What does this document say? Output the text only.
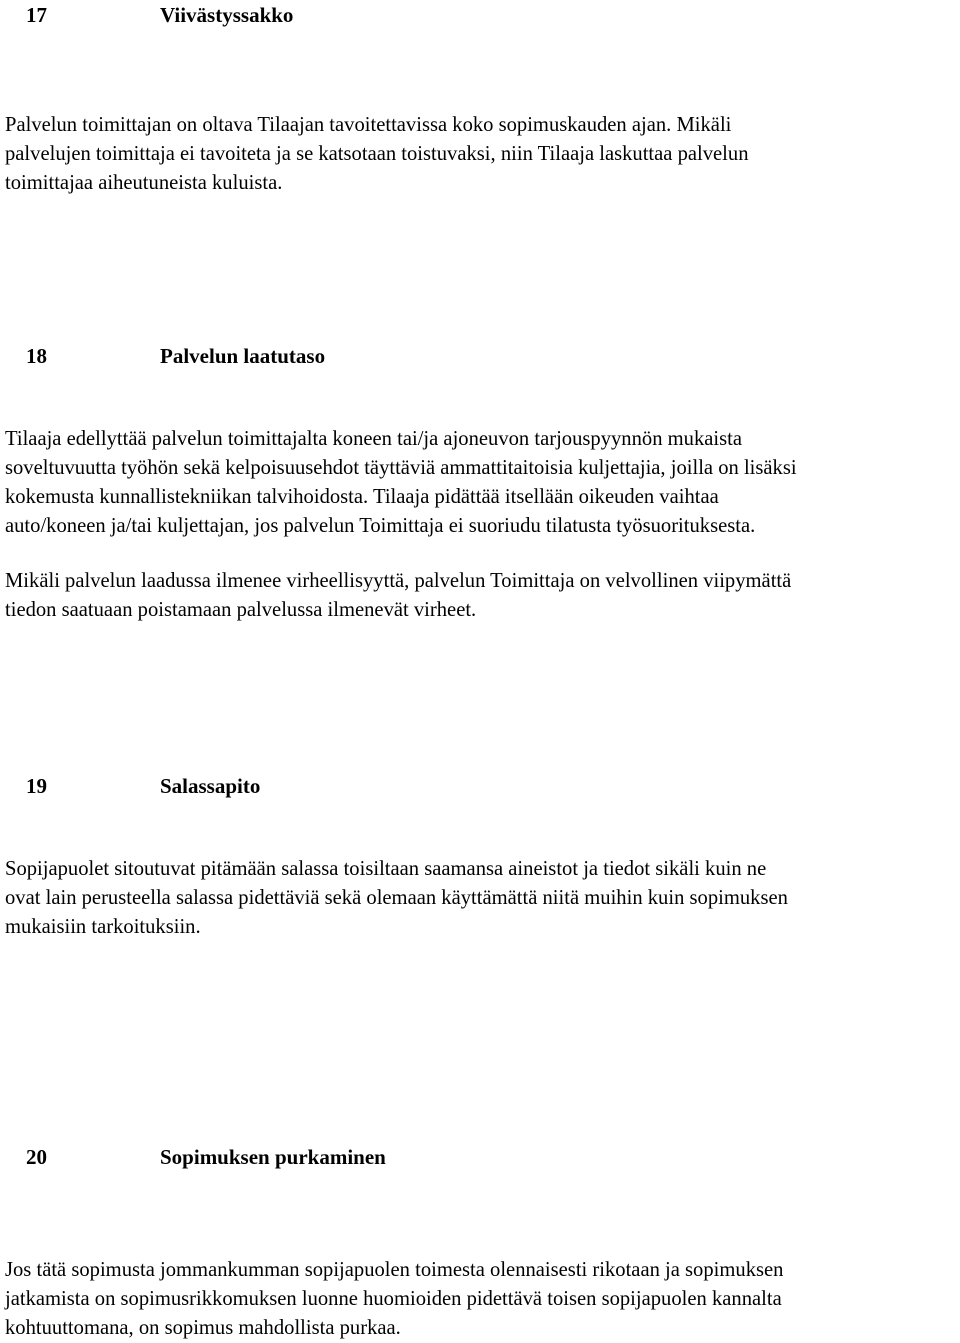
17	Viivästyssakko

Palvelun toimittajan on oltava Tilaajan tavoitettavissa koko sopimuskauden ajan. Mikäli
palvelujen toimittaja ei tavoiteta ja se katsotaan toistuvaksi, niin Tilaaja laskuttaa palvelun
toimittajaa aiheutuneista kuluista.

18	Palvelun laatutaso

Tilaaja edellyttää palvelun toimittajalta koneen tai/ja ajoneuvon tarjouspyynnön mukaista
soveltuvuutta työhön sekä kelpoisuusehdot täyttäviä ammattitaitoisia kuljettajia, joilla on lisäksi
kokemusta kunnallistekniikan talvihoidosta. Tilaaja pidättää itsellään oikeuden vaihtaa
auto/koneen ja/tai kuljettajan, jos palvelun Toimittaja ei suoriudu tilatusta työsuorituksesta.

Mikäli palvelun laadussa ilmenee virheellisyyttä, palvelun Toimittaja on velvollinen viipymättä
tiedon saatuaan poistamaan palvelussa ilmenevät virheet.

19	Salassapito

Sopijapuolet sitoutuvat pitämään salassa toisiltaan saamansa aineistot ja tiedot sikäli kuin ne
ovat lain perusteella salassa pidettäviä sekä olemaan käyttämättä niitä muihin kuin sopimuksen
mukaisiin tarkoituksiin.

20	Sopimuksen purkaminen

Jos tätä sopimusta jommankumman sopijapuolen toimesta olennaisesti rikotaan ja sopimuksen
jatkamista on sopimusrikkomuksen luonne huomioiden pidettävä toisen sopijapuolen kannalta
kohtuuttomana, on sopimus mahdollista purkaa.
